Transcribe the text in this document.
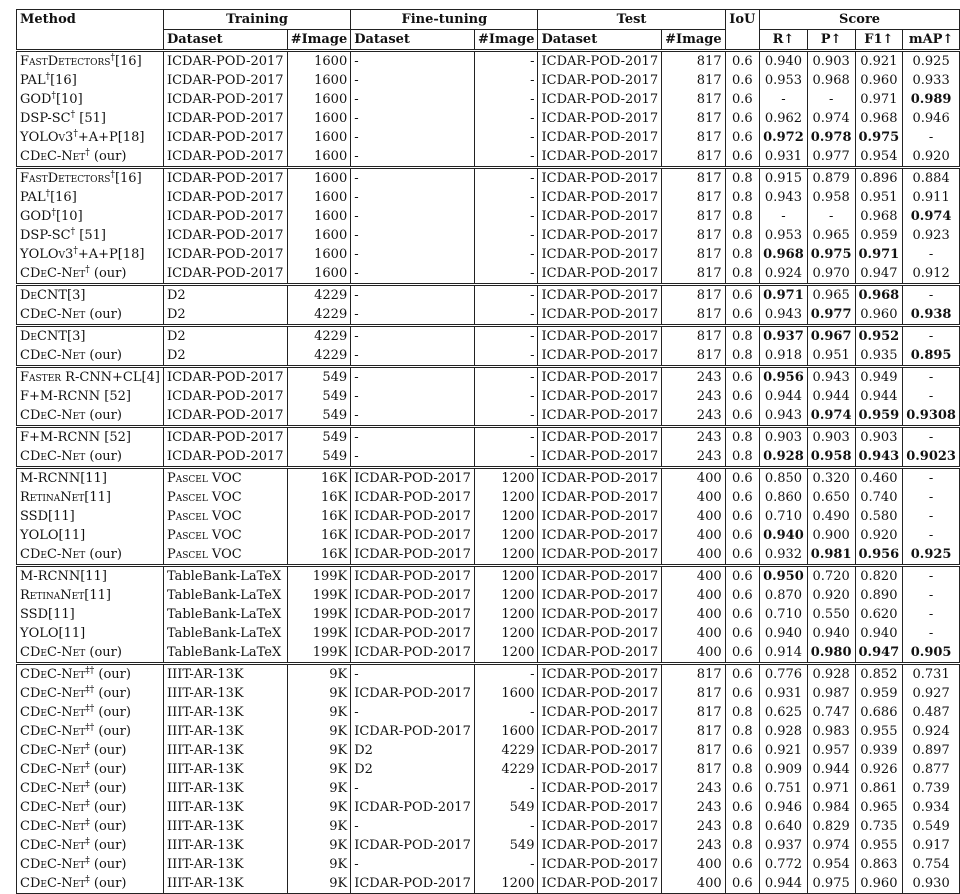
Method	Training		Fine-tuning		Test		IoU	Score			
	Dataset	#Image	Dataset	#Image	Dataset	#Image		R↑	P↑	F1↑	mAP↑
FastDetectors†[16]	ICDAR-POD-2017	1600	-	-	ICDAR-POD-2017	817	0.6	0.940	0.903	0.921	0.925
PAL†[16]	ICDAR-POD-2017	1600	-	-	ICDAR-POD-2017	817	0.6	0.953	0.968	0.960	0.933
GOD†[10]	ICDAR-POD-2017	1600	-	-	ICDAR-POD-2017	817	0.6	-	-	0.971	0.989
DSP-SC† [51]	ICDAR-POD-2017	1600	-	-	ICDAR-POD-2017	817	0.6	0.962	0.974	0.968	0.946
YOLOv3†+A+P[18]	ICDAR-POD-2017	1600	-	-	ICDAR-POD-2017	817	0.6	0.972	0.978	0.975	-
CDeC-Net† (our)	ICDAR-POD-2017	1600	-	-	ICDAR-POD-2017	817	0.6	0.931	0.977	0.954	0.920
FastDetectors†[16]	ICDAR-POD-2017	1600	-	-	ICDAR-POD-2017	817	0.8	0.915	0.879	0.896	0.884
PAL†[16]	ICDAR-POD-2017	1600	-	-	ICDAR-POD-2017	817	0.8	0.943	0.958	0.951	0.911
GOD†[10]	ICDAR-POD-2017	1600	-	-	ICDAR-POD-2017	817	0.8	-	-	0.968	0.974
DSP-SC† [51]	ICDAR-POD-2017	1600	-	-	ICDAR-POD-2017	817	0.8	0.953	0.965	0.959	0.923
YOLOv3†+A+P[18]	ICDAR-POD-2017	1600	-	-	ICDAR-POD-2017	817	0.8	0.968	0.975	0.971	-
CDeC-Net† (our)	ICDAR-POD-2017	1600	-	-	ICDAR-POD-2017	817	0.8	0.924	0.970	0.947	0.912
DeCNT[3]	D2	4229	-	-	ICDAR-POD-2017	817	0.6	0.971	0.965	0.968	-
CDeC-Net (our)	D2	4229	-	-	ICDAR-POD-2017	817	0.6	0.943	0.977	0.960	0.938
DeCNT[3]	D2	4229	-	-	ICDAR-POD-2017	817	0.8	0.937	0.967	0.952	-
CDeC-Net (our)	D2	4229	-	-	ICDAR-POD-2017	817	0.8	0.918	0.951	0.935	0.895
Faster R-CNN+CL[4]	ICDAR-POD-2017	549	-	-	ICDAR-POD-2017	243	0.6	0.956	0.943	0.949	-
F+M-RCNN [52]	ICDAR-POD-2017	549	-	-	ICDAR-POD-2017	243	0.6	0.944	0.944	0.944	-
CDeC-Net (our)	ICDAR-POD-2017	549	-	-	ICDAR-POD-2017	243	0.6	0.943	0.974	0.959	0.9308
F+M-RCNN [52]	ICDAR-POD-2017	549	-	-	ICDAR-POD-2017	243	0.8	0.903	0.903	0.903	-
CDeC-Net (our)	ICDAR-POD-2017	549	-	-	ICDAR-POD-2017	243	0.8	0.928	0.958	0.943	0.9023
M-RCNN[11]	Pascel VOC	16K	ICDAR-POD-2017	1200	ICDAR-POD-2017	400	0.6	0.850	0.320	0.460	-
RetinaNet[11]	Pascel VOC	16K	ICDAR-POD-2017	1200	ICDAR-POD-2017	400	0.6	0.860	0.650	0.740	-
SSD[11]	Pascel VOC	16K	ICDAR-POD-2017	1200	ICDAR-POD-2017	400	0.6	0.710	0.490	0.580	-
YOLO[11]	Pascel VOC	16K	ICDAR-POD-2017	1200	ICDAR-POD-2017	400	0.6	0.940	0.900	0.920	-
CDeC-Net (our)	Pascel VOC	16K	ICDAR-POD-2017	1200	ICDAR-POD-2017	400	0.6	0.932	0.981	0.956	0.925
M-RCNN[11]	TableBank-LaTeX	199K	ICDAR-POD-2017	1200	ICDAR-POD-2017	400	0.6	0.950	0.720	0.820	-
RetinaNet[11]	TableBank-LaTeX	199K	ICDAR-POD-2017	1200	ICDAR-POD-2017	400	0.6	0.870	0.920	0.890	-
SSD[11]	TableBank-LaTeX	199K	ICDAR-POD-2017	1200	ICDAR-POD-2017	400	0.6	0.710	0.550	0.620	-
YOLO[11]	TableBank-LaTeX	199K	ICDAR-POD-2017	1200	ICDAR-POD-2017	400	0.6	0.940	0.940	0.940	-
CDeC-Net (our)	TableBank-LaTeX	199K	ICDAR-POD-2017	1200	ICDAR-POD-2017	400	0.6	0.914	0.980	0.947	0.905
CDeC-Net‡† (our)	IIIT-AR-13K	9K	-	-	ICDAR-POD-2017	817	0.6	0.776	0.928	0.852	0.731
CDeC-Net‡† (our)	IIIT-AR-13K	9K	ICDAR-POD-2017	1600	ICDAR-POD-2017	817	0.6	0.931	0.987	0.959	0.927
CDeC-Net‡† (our)	IIIT-AR-13K	9K	-	-	ICDAR-POD-2017	817	0.8	0.625	0.747	0.686	0.487
CDeC-Net‡† (our)	IIIT-AR-13K	9K	ICDAR-POD-2017	1600	ICDAR-POD-2017	817	0.8	0.928	0.983	0.955	0.924
CDeC-Net‡ (our)	IIIT-AR-13K	9K	D2	4229	ICDAR-POD-2017	817	0.6	0.921	0.957	0.939	0.897
CDeC-Net‡ (our)	IIIT-AR-13K	9K	D2	4229	ICDAR-POD-2017	817	0.8	0.909	0.944	0.926	0.877
CDeC-Net‡ (our)	IIIT-AR-13K	9K	-	-	ICDAR-POD-2017	243	0.6	0.751	0.971	0.861	0.739
CDeC-Net‡ (our)	IIIT-AR-13K	9K	ICDAR-POD-2017	549	ICDAR-POD-2017	243	0.6	0.946	0.984	0.965	0.934
CDeC-Net‡ (our)	IIIT-AR-13K	9K	-	-	ICDAR-POD-2017	243	0.8	0.640	0.829	0.735	0.549
CDeC-Net‡ (our)	IIIT-AR-13K	9K	ICDAR-POD-2017	549	ICDAR-POD-2017	243	0.8	0.937	0.974	0.955	0.917
CDeC-Net‡ (our)	IIIT-AR-13K	9K	-	-	ICDAR-POD-2017	400	0.6	0.772	0.954	0.863	0.754
CDeC-Net‡ (our)	IIIT-AR-13K	9K	ICDAR-POD-2017	1200	ICDAR-POD-2017	400	0.6	0.944	0.975	0.960	0.930
